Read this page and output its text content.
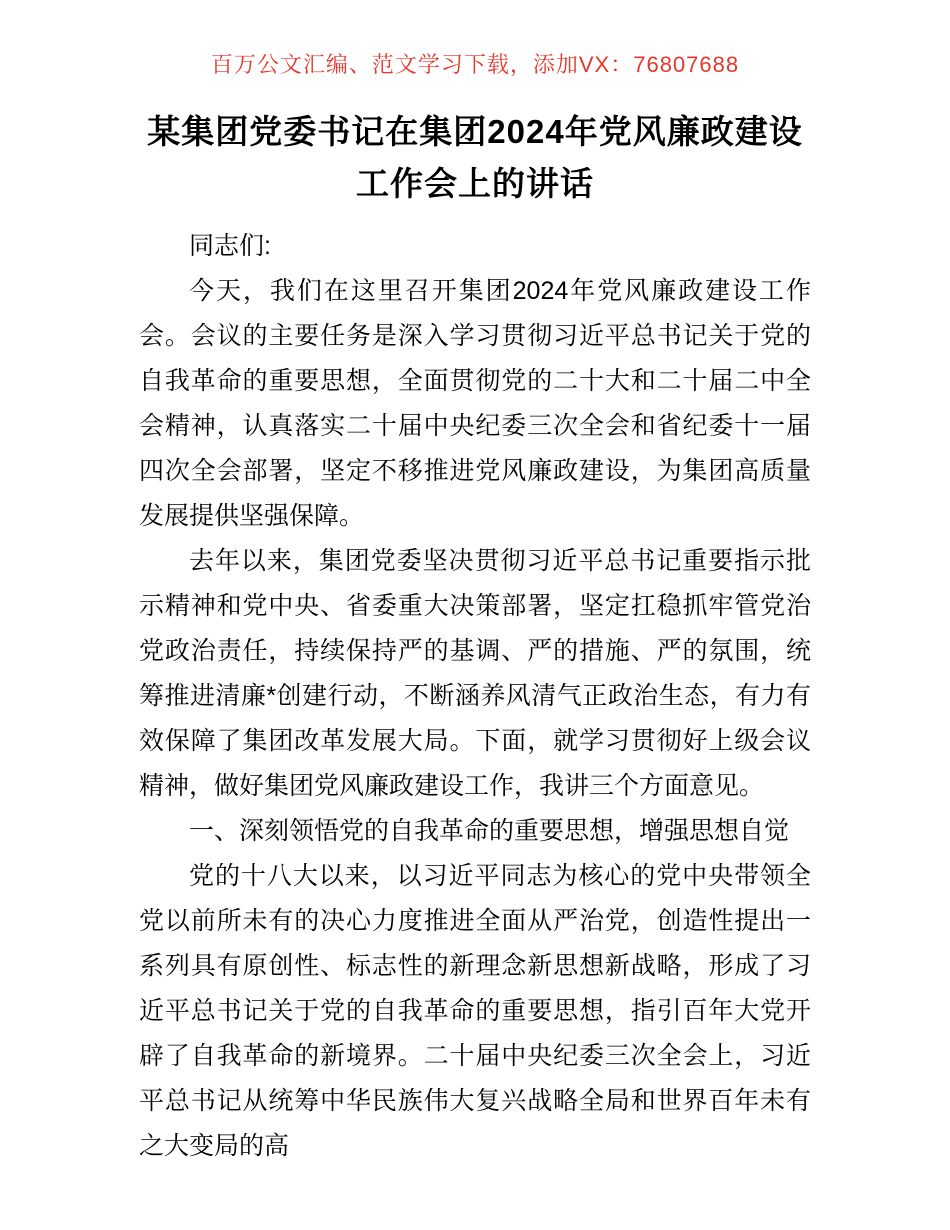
百万公文汇编、范文学习下载，添加VX：76807688
某集团党委书记在集团2024年党风廉政建设工作会上的讲话

同志们:

今天，我们在这里召开集团2024年党风廉政建设工作会。会议的主要任务是深入学习贯彻习近平总书记关于党的自我革命的重要思想，全面贯彻党的二十大和二十届二中全会精神，认真落实二十届中央纪委三次全会和省纪委十一届四次全会部署，坚定不移推进党风廉政建设，为集团高质量发展提供坚强保障。

去年以来，集团党委坚决贯彻习近平总书记重要指示批示精神和党中央、省委重大决策部署，坚定扛稳抓牢管党治党政治责任，持续保持严的基调、严的措施、严的氛围，统筹推进清廉*创建行动，不断涵养风清气正政治生态，有力有效保障了集团改革发展大局。下面，就学习贯彻好上级会议精神，做好集团党风廉政建设工作，我讲三个方面意见。

一、深刻领悟党的自我革命的重要思想，增强思想自觉

党的十八大以来，以习近平同志为核心的党中央带领全党以前所未有的决心力度推进全面从严治党，创造性提出一系列具有原创性、标志性的新理念新思想新战略，形成了习近平总书记关于党的自我革命的重要思想，指引百年大党开辟了自我革命的新境界。二十届中央纪委三次全会上，习近平总书记从统筹中华民族伟大复兴战略全局和世界百年未有之大变局的高
